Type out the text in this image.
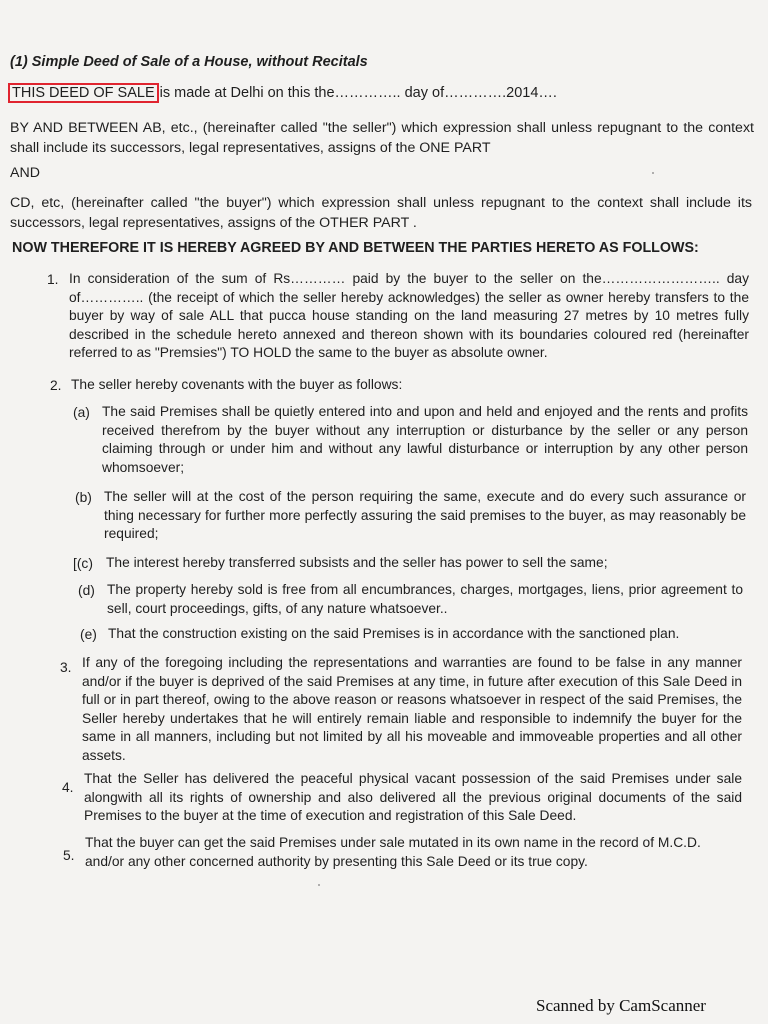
(1) Simple Deed of Sale of a House, without Recitals
THIS DEED OF SALE is made at Delhi on this the………….. day of………….2014….
BY AND BETWEEN AB, etc., (hereinafter called "the seller") which expression shall unless repugnant to the context shall include its successors, legal representatives, assigns of the ONE PART
AND
CD, etc, (hereinafter called "the buyer") which expression shall unless repugnant to the context shall include its successors, legal representatives, assigns of the OTHER PART .
NOW THEREFORE IT IS HEREBY AGREED BY AND BETWEEN THE PARTIES HERETO AS FOLLOWS:
1. In consideration of the sum of Rs………… paid by the buyer to the seller on the…………………….. day of………….. (the receipt of which the seller hereby acknowledges) the seller as owner hereby transfers to the buyer by way of sale ALL that pucca house standing on the land measuring 27 metres by 10 metres fully described in the schedule hereto annexed and thereon shown with its boundaries coloured red (hereinafter referred to as "Premsies") TO HOLD the same to the buyer as absolute owner.
2. The seller hereby covenants with the buyer as follows:
(a) The said Premises shall be quietly entered into and upon and held and enjoyed and the rents and profits received therefrom by the buyer without any interruption or disturbance by the seller or any person claiming through or under him and without any lawful disturbance or interruption by any other person whomsoever;
(b) The seller will at the cost of the person requiring the same, execute and do every such assurance or thing necessary for further more perfectly assuring the said premises to the buyer, as may reasonably be required;
[(c) The interest hereby transferred subsists and the seller has power to sell the same;
(d) The property hereby sold is free from all encumbrances, charges, mortgages, liens, prior agreement to sell, court proceedings, gifts, of any nature whatsoever..
(e) That the construction existing on the said Premises is in accordance with the sanctioned plan.
3. If any of the foregoing including the representations and warranties are found to be false in any manner and/or if the buyer is deprived of the said Premises at any time, in future after execution of this Sale Deed in full or in part thereof, owing to the above reason or reasons whatsoever in respect of the said Premises, the Seller hereby undertakes that he will entirely remain liable and responsible to indemnify the buyer for the same in all manners, including but not limited by all his moveable and immoveable properties and all other assets.
4.
That the Seller has delivered the peaceful physical vacant possession of the said Premises under sale alongwith all its rights of ownership and also delivered all the previous original documents of the said Premises to the buyer at the time of execution and registration of this Sale Deed.
5.
That the buyer can get the said Premises under sale mutated in its own name in the record of M.C.D. and/or any other concerned authority by presenting this Sale Deed or its true copy.
Scanned by CamScanner
